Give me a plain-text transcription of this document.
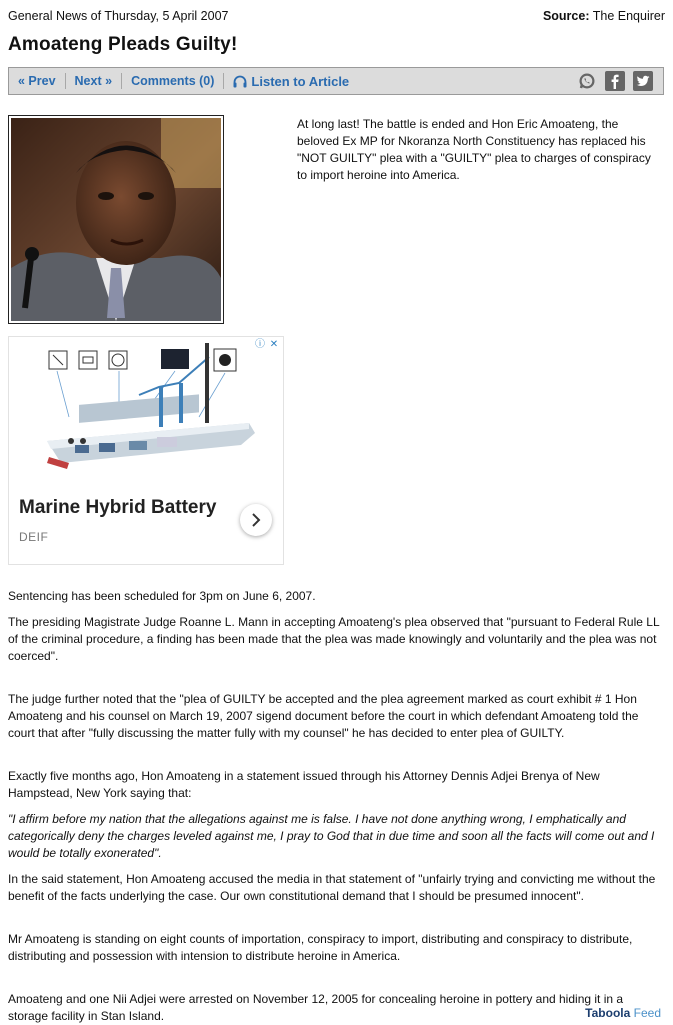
General News of Thursday, 5 April 2007	Source: The Enquirer
Amoateng Pleads Guilty!
« Prev	Next »	Comments (0)	Listen to Article

At long last! The battle is ended and Hon Eric Amoateng, the beloved Ex MP for Nkoranza North Constituency has replaced his "NOT GUILTY" plea with a "GUILTY" plea to charges of conspiracy to import heroine into America.

ⓘ ✕
Marine Hybrid Battery
DEIF

Sentencing has been scheduled for 3pm on June 6, 2007.

The presiding Magistrate Judge Roanne L. Mann in accepting Amoateng's plea observed that "pursuant to Federal Rule LL of the criminal procedure, a finding has been made that the plea was made knowingly and voluntarily and the plea was not coerced".

The judge further noted that the "plea of GUILTY be accepted and the plea agreement marked as court exhibit # 1 Hon Amoateng and his counsel on March 19, 2007 sigend document before the court in which defendant Amoateng told the court that after "fully discussing the matter fully with my counsel" he has decided to enter plea of GUILTY.

Exactly five months ago, Hon Amoateng in a statement issued through his Attorney Dennis Adjei Brenya of New Hampstead, New York saying that:

"I affirm before my nation that the allegations against me is false. I have not done anything wrong, I emphatically and categorically deny the charges leveled against me, I pray to God that in due time and soon all the facts will come out and I would be totally exonerated".

In the said statement, Hon Amoateng accused the media in that statement of "unfairly trying and convicting me without the benefit of the facts underlying the case. Our own constitutional demand that I should be presumed innocent".

Mr Amoateng is standing on eight counts of importation, conspiracy to import, distributing and conspiracy to distribute, distributing and possession with intension to distribute heroine in America.

Amoateng and one Nii Adjei were arrested on November 12, 2005 for concealing heroine in pottery and hiding it in a storage facility in Stan Island.	Taboola Feed
